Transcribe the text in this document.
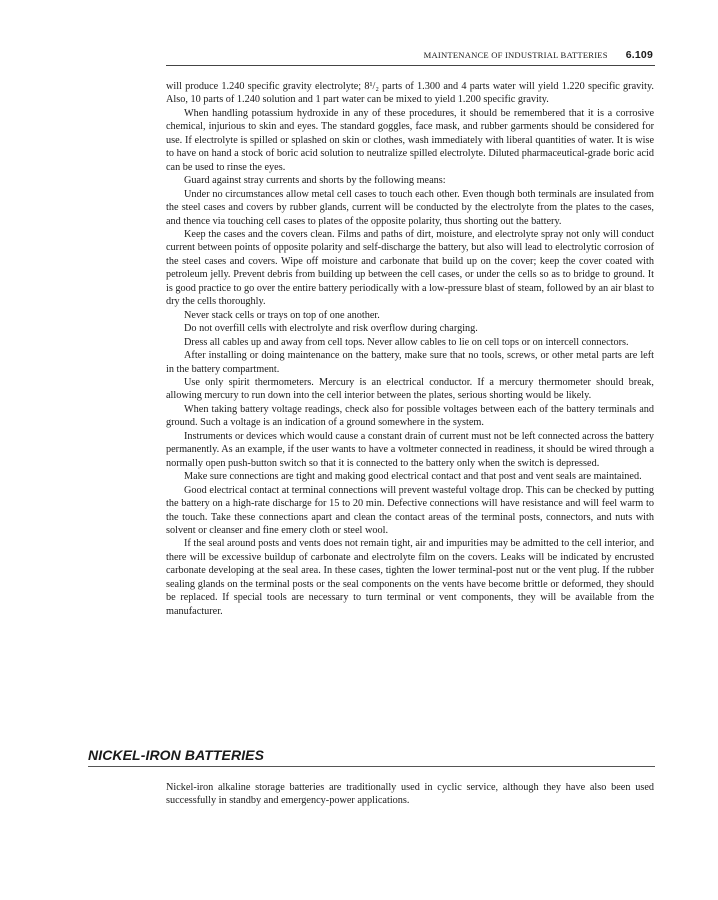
MAINTENANCE OF INDUSTRIAL BATTERIES 6.109

will produce 1.240 specific gravity electrolyte; 8¹/₂ parts of 1.300 and 4 parts water will yield 1.220 specific gravity. Also, 10 parts of 1.240 solution and 1 part water can be mixed to yield 1.200 specific gravity.

When handling potassium hydroxide in any of these procedures, it should be remembered that it is a corrosive chemical, injurious to skin and eyes. The standard goggles, face mask, and rubber garments should be considered for use. If electrolyte is spilled or splashed on skin or clothes, wash immediately with liberal quantities of water. It is wise to have on hand a stock of boric acid solution to neutralize spilled electrolyte. Diluted pharmaceutical-grade boric acid can be used to rinse the eyes.

Guard against stray currents and shorts by the following means:

Under no circumstances allow metal cell cases to touch each other. Even though both terminals are insulated from the steel cases and covers by rubber glands, current will be conducted by the electrolyte from the plates to the cases, and thence via touching cell cases to plates of the opposite polarity, thus shorting out the battery.

Keep the cases and the covers clean. Films and paths of dirt, moisture, and electrolyte spray not only will conduct current between points of opposite polarity and self-discharge the battery, but also will lead to electrolytic corrosion of the steel cases and covers. Wipe off moisture and carbonate that build up on the cover; keep the cover coated with petroleum jelly. Prevent debris from building up between the cell cases, or under the cells so as to bridge to ground. It is good practice to go over the entire battery periodically with a low-pressure blast of steam, followed by an air blast to dry the cells thoroughly.

Never stack cells or trays on top of one another.

Do not overfill cells with electrolyte and risk overflow during charging.

Dress all cables up and away from cell tops. Never allow cables to lie on cell tops or on intercell connectors.

After installing or doing maintenance on the battery, make sure that no tools, screws, or other metal parts are left in the battery compartment.

Use only spirit thermometers. Mercury is an electrical conductor. If a mercury thermometer should break, allowing mercury to run down into the cell interior between the plates, serious shorting would be likely.

When taking battery voltage readings, check also for possible voltages between each of the battery terminals and ground. Such a voltage is an indication of a ground somewhere in the system.

Instruments or devices which would cause a constant drain of current must not be left connected across the battery permanently. As an example, if the user wants to have a voltmeter connected in readiness, it should be wired through a normally open push-button switch so that it is connected to the battery only when the switch is depressed.

Make sure connections are tight and making good electrical contact and that post and vent seals are maintained.

Good electrical contact at terminal connections will prevent wasteful voltage drop. This can be checked by putting the battery on a high-rate discharge for 15 to 20 min. Defective connections will have resistance and will feel warm to the touch. Take these connections apart and clean the contact areas of the terminal posts, connectors, and nuts with solvent or cleanser and fine emery cloth or steel wool.

If the seal around posts and vents does not remain tight, air and impurities may be admitted to the cell interior, and there will be excessive buildup of carbonate and electrolyte film on the covers. Leaks will be indicated by encrusted carbonate developing at the seal area. In these cases, tighten the lower terminal-post nut or the vent plug. If the rubber sealing glands on the terminal posts or the seal components on the vents have become brittle or deformed, they should be replaced. If special tools are necessary to turn terminal or vent components, they will be available from the manufacturer.

NICKEL-IRON BATTERIES

Nickel-iron alkaline storage batteries are traditionally used in cyclic service, although they have also been used successfully in standby and emergency-power applications.
